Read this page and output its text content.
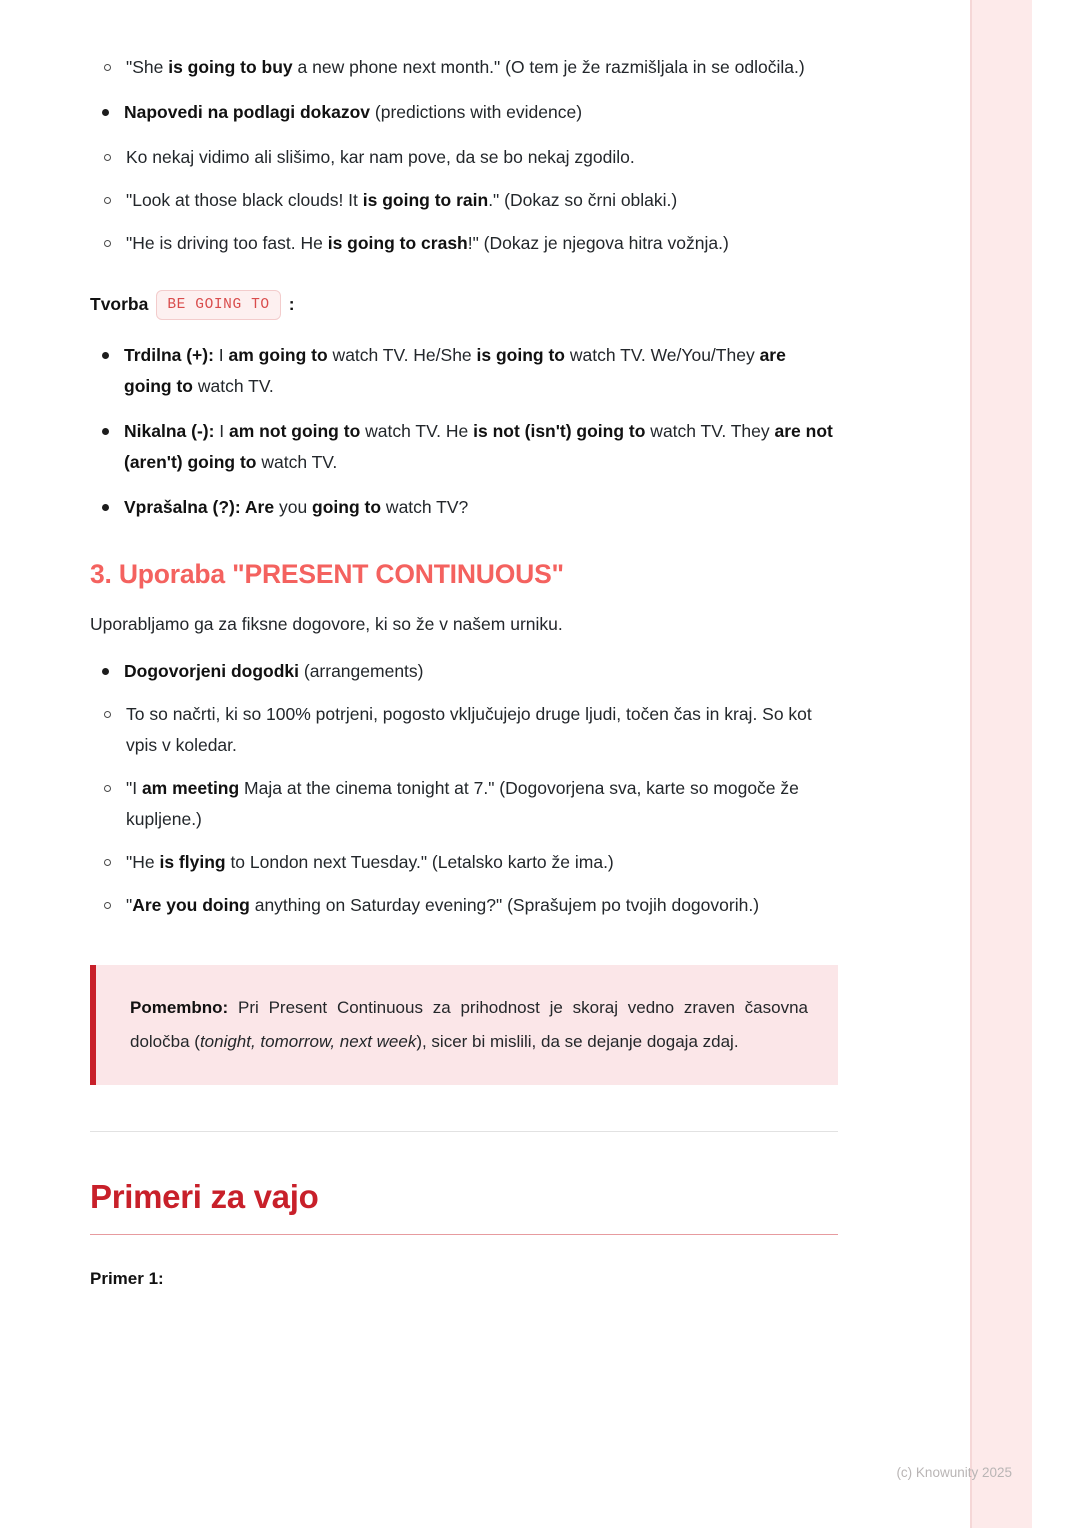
"She is going to buy a new phone next month." (O tem je že razmišljala in se odločila.)
Napovedi na podlagi dokazov (predictions with evidence)
Ko nekaj vidimo ali slišimo, kar nam pove, da se bo nekaj zgodilo.
"Look at those black clouds! It is going to rain." (Dokaz so črni oblaki.)
"He is driving too fast. He is going to crash!" (Dokaz je njegova hitra vožnja.)
Tvorba	BE GOING TO	:
Trdilna (+): I am going to watch TV. He/She is going to watch TV. We/You/They are going to watch TV.
Nikalna (-): I am not going to watch TV. He is not (isn't) going to watch TV. They are not (aren't) going to watch TV.
Vprašalna (?): Are you going to watch TV?
3. Uporaba "PRESENT CONTINUOUS"

Uporabljamo ga za fiksne dogovore, ki so že v našem urniku.

Dogovorjeni dogodki (arrangements)
To so načrti, ki so 100% potrjeni, pogosto vključujejo druge ljudi, točen čas in kraj. So kot vpis v koledar.
"I am meeting Maja at the cinema tonight at 7." (Dogovorjena sva, karte so mogoče že kupljene.)
"He is flying to London next Tuesday." (Letalsko karto že ima.)
"Are you doing anything on Saturday evening?" (Sprašujem po tvojih dogovorih.)
Pomembno: Pri Present Continuous za prihodnost je skoraj vedno zraven časovna določba (tonight, tomorrow, next week), sicer bi mislili, da se dejanje dogaja zdaj.
Primeri za vajo

Primer 1:

(c) Knowunity 2025
